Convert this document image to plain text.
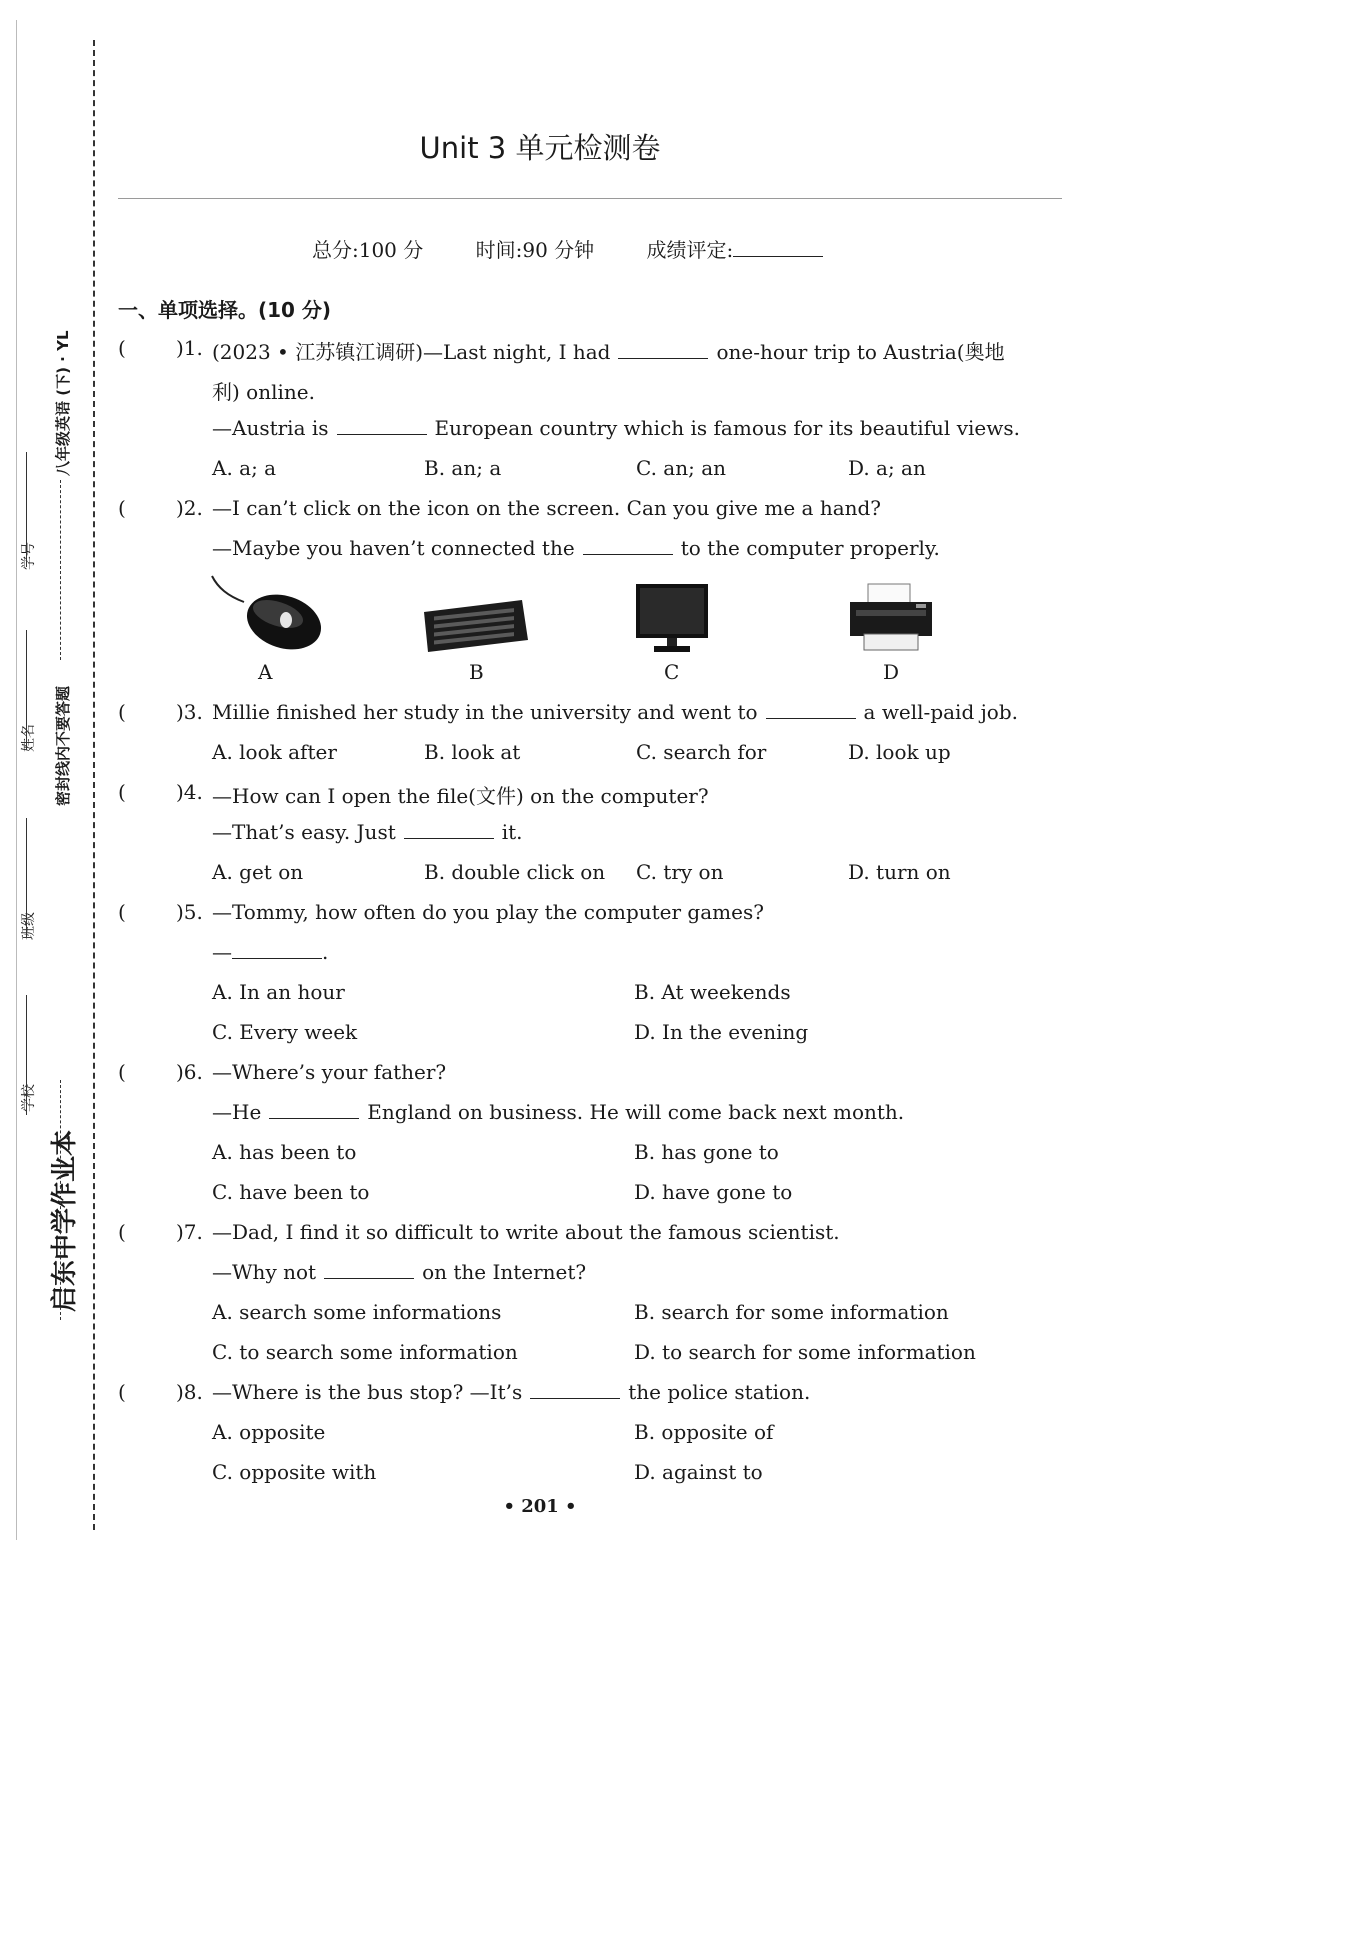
启东中学作业本
密封线内不要答题
八年级英语 (下) · YL
班级
姓名
学号
学校
Unit 3 单元检测卷
总分:100 分	时间:90 分钟	成绩评定:
一、单项选择。(10 分)
(	)1. (2023 • 江苏镇江调研)—Last night, I had	one-hour trip to Austria(奥地
利) online.
—Austria is	European country which is famous for its beautiful views.
A. a; a	B. an; a	C. an; an	D. a; an
(	)2. —I can’t click on the icon on the screen. Can you give me a hand?
—Maybe you haven’t connected the	to the computer properly.
A	B	C	D
(	)3. Millie finished her study in the university and went to	a well-paid job.
A. look after	B. look at	C. search for	D. look up
(	)4. —How can I open the file(文件) on the computer?
—That’s easy. Just	it.
A. get on	B. double click on C. try on	D. turn on
(	)5. —Tommy, how often do you play the computer games?
—	.
A. In an hour	B. At weekends
C. Every week	D. In the evening
(	)6. —Where’s your father?
—He	England on business. He will come back next month.
A. has been to	B. has gone to
C. have been to	D. have gone to
(	)7. —Dad, I find it so difficult to write about the famous scientist.
—Why not	on the Internet?
A. search some informations	B. search for some information
C. to search some information	D. to search for some information
(	)8. —Where is the bus stop? —It’s	the police station.
A. opposite	B. opposite of
C. opposite with	D. against to
• 201 •
